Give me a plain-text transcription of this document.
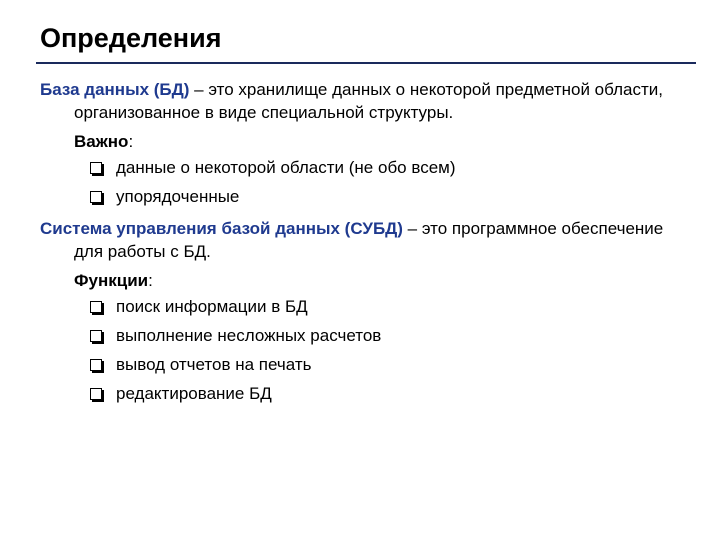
Определения
База данных (БД) – это хранилище данных о некоторой предметной области, организованное в виде специальной структуры.
Важно:
данные о некоторой области (не обо всем)
упорядоченные
Система управления базой данных (СУБД) – это программное обеспечение для работы с БД.
Функции:
поиск информации в БД
выполнение несложных расчетов
вывод отчетов на печать
редактирование БД
